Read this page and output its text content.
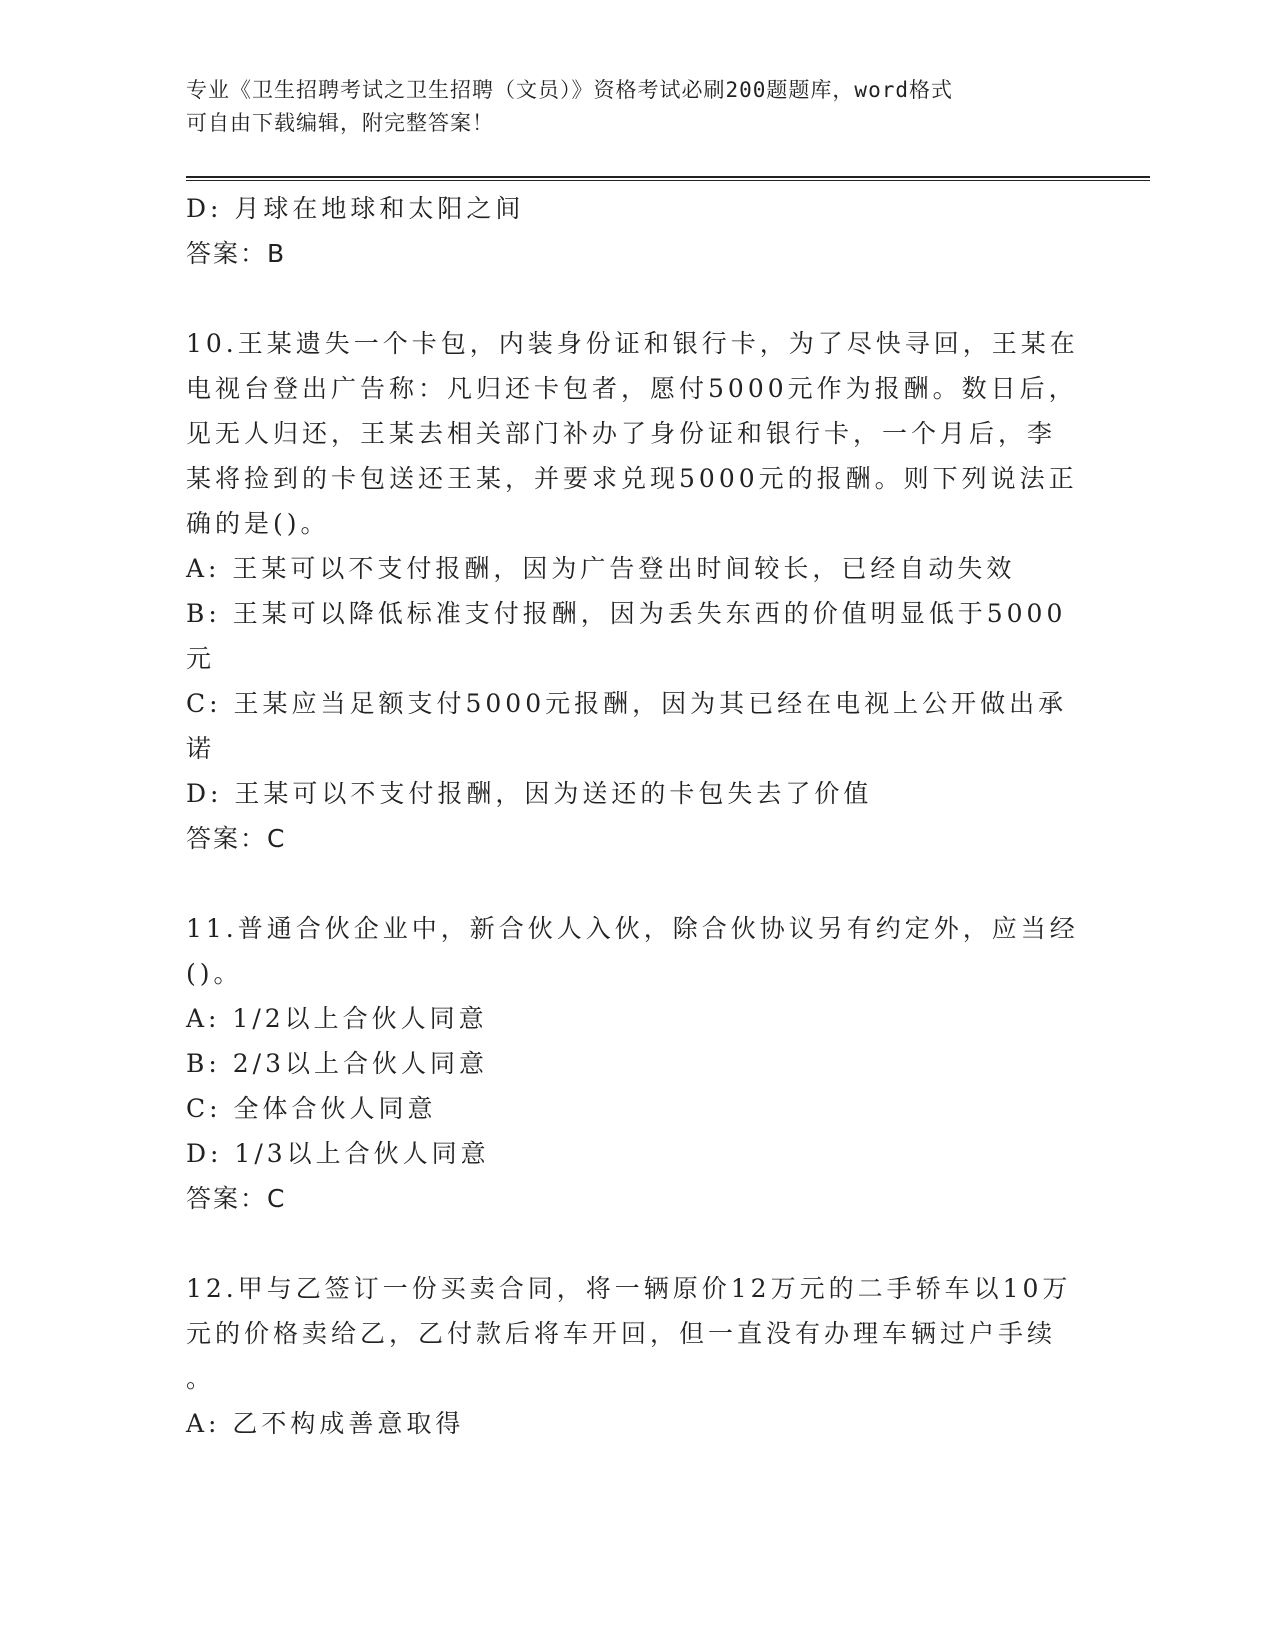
专业《卫生招聘考试之卫生招聘（文员）》资格考试必刷200题题库，word格式
可自由下载编辑，附完整答案！

D: 月球在地球和太阳之间

答案：B

10.王某遗失一个卡包，内装身份证和银行卡，为了尽快寻回，王某在

电视台登出广告称：凡归还卡包者，愿付5000元作为报酬。数日后，

见无人归还，王某去相关部门补办了身份证和银行卡，一个月后，李

某将捡到的卡包送还王某，并要求兑现5000元的报酬。则下列说法正

确的是()。

A: 王某可以不支付报酬，因为广告登出时间较长，已经自动失效

B: 王某可以降低标准支付报酬，因为丢失东西的价值明显低于5000

元

C: 王某应当足额支付5000元报酬，因为其已经在电视上公开做出承

诺

D: 王某可以不支付报酬，因为送还的卡包失去了价值

答案：C

11.普通合伙企业中，新合伙人入伙，除合伙协议另有约定外，应当经

()。

A: 1/2以上合伙人同意

B: 2/3以上合伙人同意

C: 全体合伙人同意

D: 1/3以上合伙人同意

答案：C

12.甲与乙签订一份买卖合同，将一辆原价12万元的二手轿车以10万

元的价格卖给乙，乙付款后将车开回，但一直没有办理车辆过户手续

。

A: 乙不构成善意取得
